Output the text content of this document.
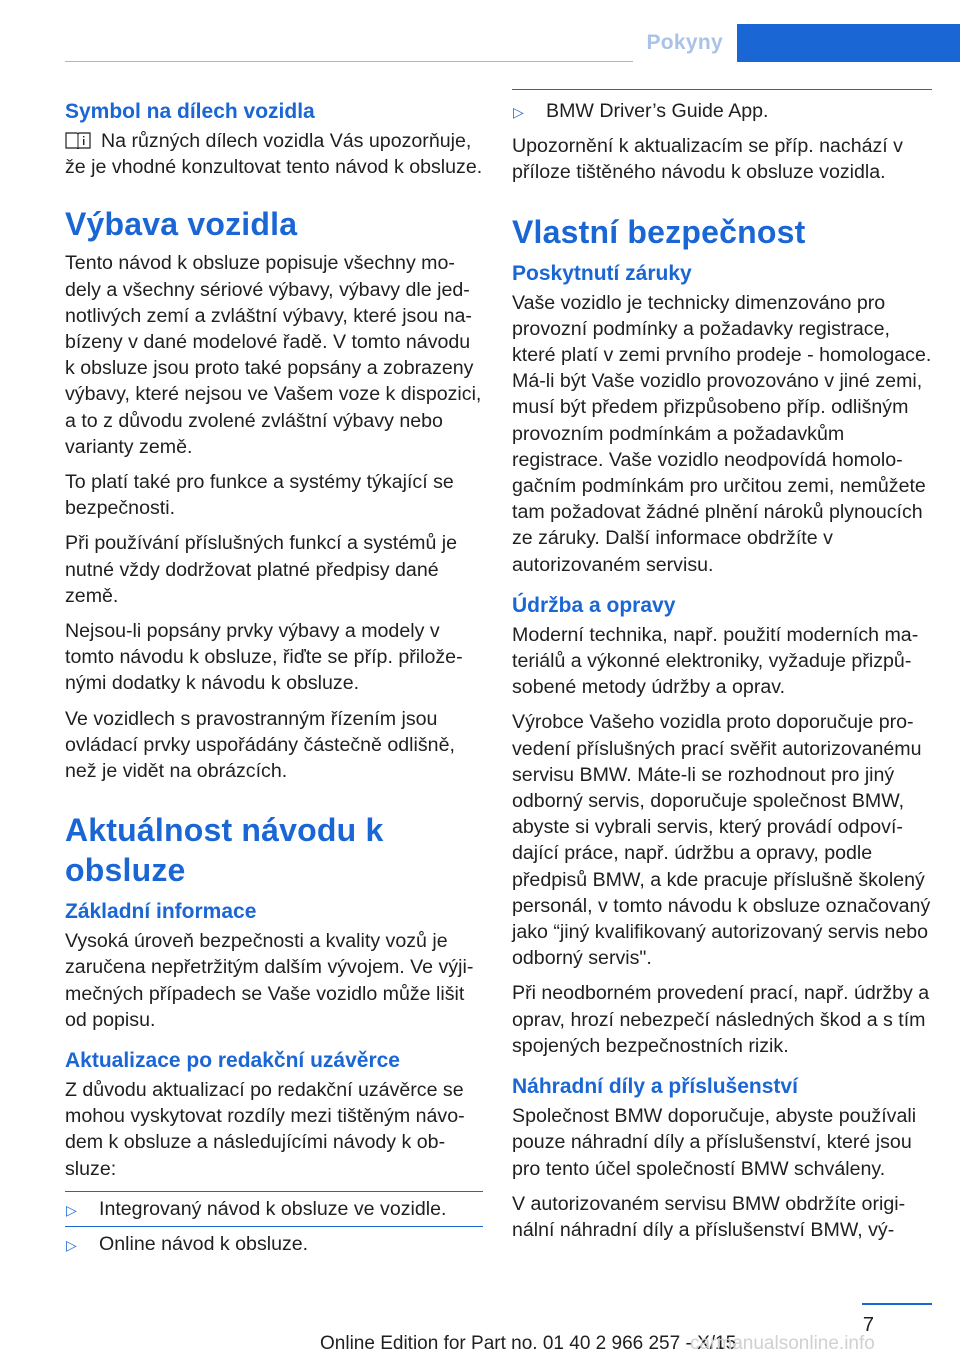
Pokyny
Symbol na dílech vozidla

Na různých dílech vozidla Vás upozorňuje, že je vhodné konzultovat tento návod k obsluze.

Výbava vozidla

Tento návod k obsluze popisuje všechny modely a všechny sériové výbavy, výbavy dle jednotlivých zemí a zvláštní výbavy, které jsou nabízeny v dané modelové řadě. V tomto návodu k obsluze jsou proto také popsány a zobrazeny výbavy, které nejsou ve Vašem voze k dispozici, a to z důvodu zvolené zvláštní výbavy nebo varianty země.

To platí také pro funkce a systémy týkající se bezpečnosti.

Při používání příslušných funkcí a systémů je nutné vždy dodržovat platné předpisy dané země.

Nejsou-li popsány prvky výbavy a modely v tomto návodu k obsluze, řiďte se příp. přiloženými dodatky k návodu k obsluze.

Ve vozidlech s pravostranným řízením jsou ovládací prvky uspořádány částečně odlišně, než je vidět na obrázcích.

Aktuálnost návodu k obsluze
Základní informace

Vysoká úroveň bezpečnosti a kvality vozů je zaručena nepřetržitým dalším vývojem. Ve výjimečných případech se Vaše vozidlo může lišit od popisu.

Aktualizace po redakční uzávěrce

Z důvodu aktualizací po redakční uzávěrce se mohou vyskytovat rozdíly mezi tištěným návodem k obsluze a následujícími návody k obsluze:

▷ Integrovaný návod k obsluze ve vozidle.
▷ Online návod k obsluze.
▷ BMW Driver’s Guide App.

Upozornění k aktualizacím se příp. nachází v příloze tištěného návodu k obsluze vozidla.

Vlastní bezpečnost
Poskytnutí záruky

Vaše vozidlo je technicky dimenzováno pro provozní podmínky a požadavky registrace, které platí v zemi prvního prodeje - homologace. Má-li být Vaše vozidlo provozováno v jiné zemi, musí být předem přizpůsobeno příp. odlišným provozním podmínkám a požadavkům registrace. Vaše vozidlo neodpovídá homologačním podmínkám pro určitou zemi, nemůžete tam požadovat žádné plnění nároků plynoucích ze záruky. Další informace obdržíte v autorizovaném servisu.

Údržba a opravy

Moderní technika, např. použití moderních materiálů a výkonné elektroniky, vyžaduje přizpůsobené metody údržby a oprav.

Výrobce Vašeho vozidla proto doporučuje provedení příslušných prací svěřit autorizovanému servisu BMW. Máte-li se rozhodnout pro jiný odborný servis, doporučuje společnost BMW, abyste si vybrali servis, který provádí odpovídající práce, např. údržbu a opravy, podle předpisů BMW, a kde pracuje příslušně školený personál, v tomto návodu k obsluze označovaný jako “jiný kvalifikovaný autorizovaný servis nebo odborný servis".

Při neodborném provedení prací, např. údržby a oprav, hrozí nebezpečí následných škod a s tím spojených bezpečnostních rizik.

Náhradní díly a příslušenství

Společnost BMW doporučuje, abyste používali pouze náhradní díly a příslušenství, které jsou pro tento účel společností BMW schváleny.

V autorizovaném servisu BMW obdržíte originální náhradní díly a příslušenství BMW, vý-

7
Online Edition for Part no. 01 40 2 966 257 - X/15
carmanualsonline.info
